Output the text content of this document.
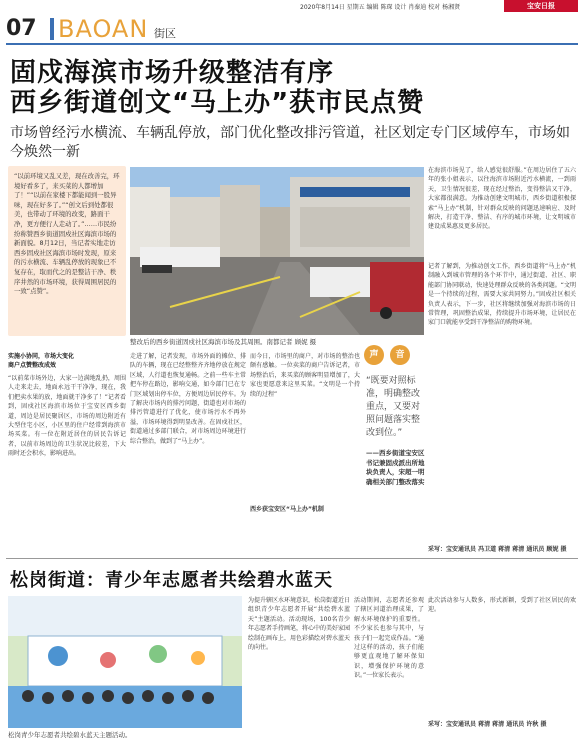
2020年8月14日 星期五 编辑 陈琛 设计 肖秦迪 校对 杨湘贤	宝安日报
07 BAOAN 街区
固戍海滨市场升级整洁有序
西乡街道创文“马上办”获市民点赞
市场曾经污水横流、车辆乱停放，部门优化整改排污管道，社区划定专门区域停车，市场如今焕然一新

“以前环境又乱又差，现在改善完，环境好看多了，来买菜的人都增加了！”“以前在家楼下都能闻到一股异味，现在好多了。”“创文后到处都很美，也带动了环境的改变，路面干净，更方便行人走动了。”……市民纷纷称赞西乡街道固戍社区海滨市场的新面貌。8月12日，当记者实地走访西乡固戍社区海滨市场时发现，原来的污水横流、车辆乱停放的现象已不复存在，取而代之的是整洁干净、秩序井然的市场环境，获得周围居民的一致“点赞”。

整改后的西乡街道固戍社区海滨市场及其周围。南都记者 顾妮 摄
在海滨市场见了，给人感觉很舒服。”在周边居住了五六年的张小姐表示，以往海滨市场附近污水横流，一到雨天，卫生情况很差，现在经过整治，变得整洁又干净，大家都很满意。为推动创建文明城市，西乡街道积极探索“马上办”机制，针对群众反映的问题迅速响应、及时解决，打造干净、整洁、有序的城市环境，让文明城市建设成果惠及更多居民。
记者了解到，为推动创文工作，西乡街道将“马上办”机制融入到城市管理的各个环节中，通过街道、社区、职能部门协同联动，快速处理群众反映的各类问题。“文明是一个持续的过程，需要大家共同努力。”固戍社区相关负责人表示，下一步，社区将继续加强对海滨市场的日常管理，巩固整治成果，持续提升市场环境，让居民在家门口就能享受到干净整洁的购物环境。
采写：宝安通讯员 冯卫道 蒋清 蒋清 通讯员 顾妮 摄
实施小协同，市场大变化
商户点赞整改成效
“以前菜市场外边，大家一边满地乱扔，周围人走来走去，地面永远干干净净，现在，我们把卖水果的放，地面就干净多了！”记者看到，固戍社区海滨市场位于宝安区西乡街道，周边是居民聚居区，市场的周边附近有大型住宅小区，小区里的住户经常到海滨市场买菜。有一位在附近居住的居民告诉记者，以前市场周边的卫生状况比较差，下大雨时还会积水，影响进出。
走进了解，记者发现，市场外面的摊位、排队的车辆，现在已经整整齐齐地停放在规定区域，人行道也恢复通畅。之前一些车主常把车停在路边，影响交通，如今部门已在专门区域划出停车位，方便周边居民停车。为了解决市场内的排污问题，街道也对市场的排污管道进行了优化，使市场污水不再外溢，市场环境得到明显改善。在固戍社区，街道通过多部门联合，对市场周边环境进行综合整治，做到了“马上办”。
而今日，市场里的商户，对市场的整治也颇有感触。一位卖菜的商户告诉记者，市场整治后，来买菜的顾客明显增加了，大家也更愿意来这里买菜。“文明是一个持续的过程”
西乡获宝安区“马上办”机制
声	音
“既要对照标准，明确整改重点，又要对照问题落实整改到位。”
——西乡街道宝安区书记兼固戍派出所地块负责人，宋超一明确相关部门整改落实
松岗街道：青少年志愿者共绘碧水蓝天
松岗青少年志愿者共绘碧水蓝天主题活动。
为提升辖区水环境意识，松岗街道近日组织青少年志愿者开展“共绘碧水蓝天”主题活动。活动现场，100名青少年志愿者手持画笔，将心中的美好家园绘制在画布上，用色彩描绘对碧水蓝天的向往。
活动期间，志愿者还参观了辖区河道治理成果，了解水环境保护的重要性。不少家长也参与其中，与孩子们一起完成作品。“通过这样的活动，孩子们能够更直观地了解环保知识，增强保护环境的意识。”一位家长表示。
此次活动参与人数多，形式新颖，受到了社区居民的欢迎。
采写：宝安通讯员 蒋清 蒋清 通讯员 许秋 摄
